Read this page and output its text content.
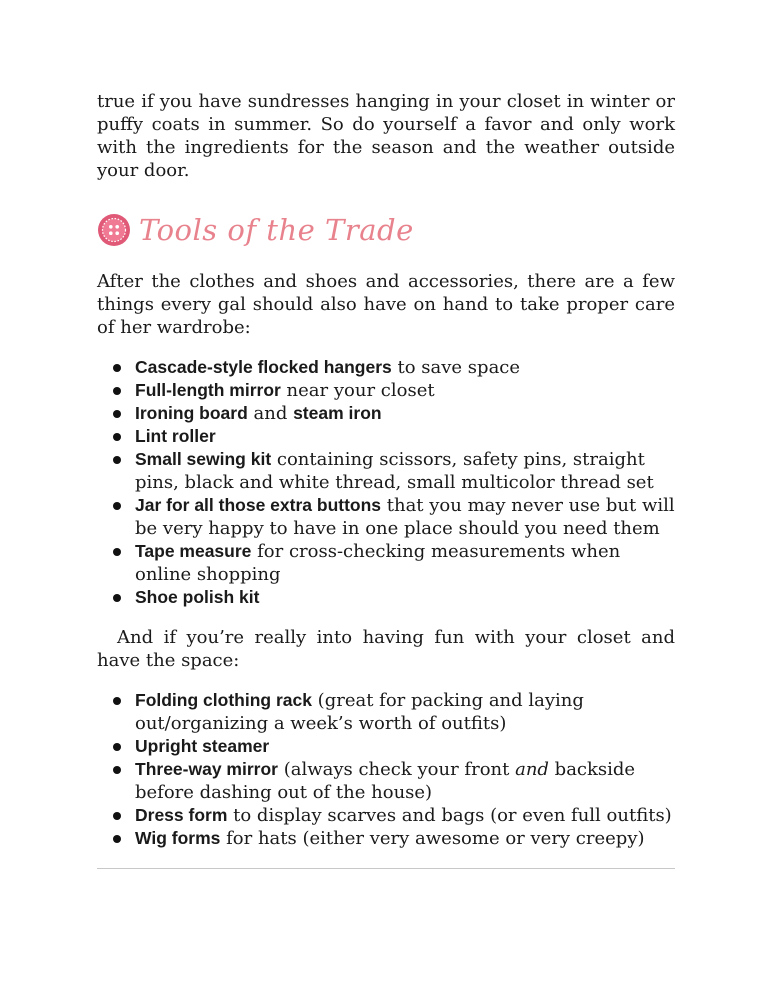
true if you have sundresses hanging in your closet in winter or puffy coats in summer. So do yourself a favor and only work with the ingredients for the season and the weather outside your door.

Tools of the Trade

After the clothes and shoes and accessories, there are a few things every gal should also have on hand to take proper care of her wardrobe:

Cascade-style flocked hangers to save space
Full-length mirror near your closet
Ironing board and steam iron
Lint roller
Small sewing kit containing scissors, safety pins, straight pins, black and white thread, small multicolor thread set
Jar for all those extra buttons that you may never use but will be very happy to have in one place should you need them
Tape measure for cross-checking measurements when online shopping
Shoe polish kit

And if you’re really into having fun with your closet and have the space:

Folding clothing rack (great for packing and laying out/organizing a week’s worth of outfits)
Upright steamer
Three-way mirror (always check your front and backside before dashing out of the house)
Dress form to display scarves and bags (or even full outfits)
Wig forms for hats (either very awesome or very creepy)
